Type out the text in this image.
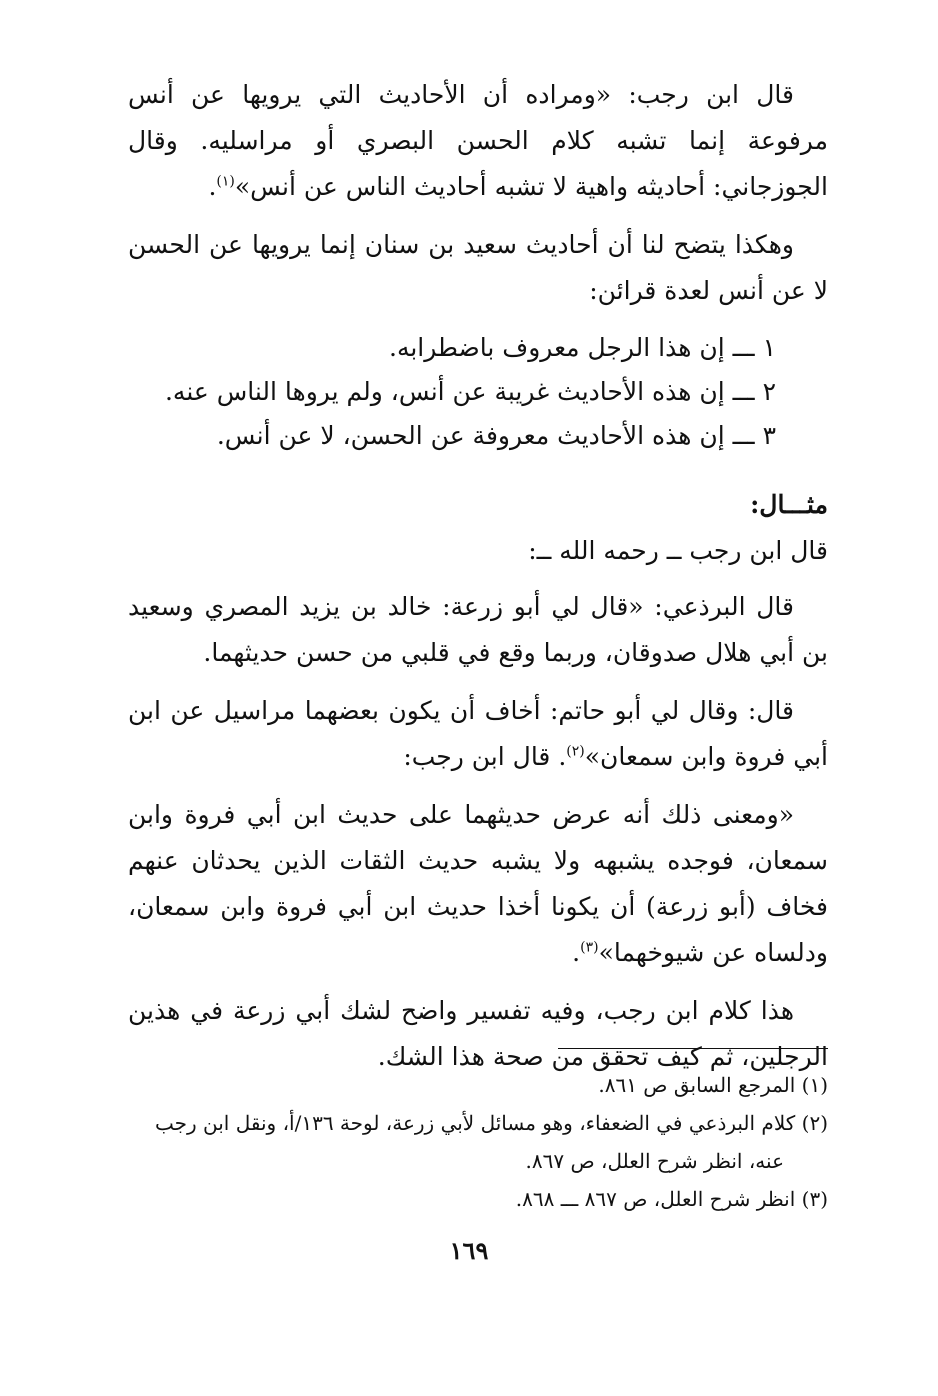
قال ابن رجب: «ومراده أن الأحاديث التي يرويها عن أنس مرفوعة إنما تشبه كلام الحسن البصري أو مراسليه. وقال الجوزجاني: أحاديثه واهية لا تشبه أحاديث الناس عن أنس»$^{(١)}$.

وهكذا يتضح لنا أن أحاديث سعيد بن سنان إنما يرويها عن الحسن لا عن أنس لعدة قرائن:

١ ـــ إن هذا الرجل معروف باضطرابه.
٢ ـــ إن هذه الأحاديث غريبة عن أنس، ولم يروها الناس عنه.
٣ ـــ إن هذه الأحاديث معروفة عن الحسن، لا عن أنس.

مثـــال:

قال ابن رجب ــ رحمه الله ــ:

قال البرذعي: «قال لي أبو زرعة: خالد بن يزيد المصري وسعيد بن أبي هلال صدوقان، وربما وقع في قلبي من حسن حديثهما.

قال: وقال لي أبو حاتم: أخاف أن يكون بعضهما مراسيل عن ابن أبي فروة وابن سمعان»$^{(٢)}$. قال ابن رجب:

«ومعنى ذلك أنه عرض حديثهما على حديث ابن أبي فروة وابن سمعان، فوجده يشبهه ولا يشبه حديث الثقات الذين يحدثان عنهم فخاف (أبو زرعة) أن يكونا أخذا حديث ابن أبي فروة وابن سمعان، ودلساه عن شيوخهما»$^{(٣)}$.

هذا كلام ابن رجب، وفيه تفسير واضح لشك أبي زرعة في هذين الرجلين، ثم كيف تحقق من صحة هذا الشك.

(١) المرجع السابق ص ٨٦١.

(٢) كلام البرذعي في الضعفاء، وهو مسائل لأبي زرعة، لوحة ١٣٦/أ، ونقل ابن رجب عنه، انظر شرح العلل، ص ٨٦٧.

(٣) انظر شرح العلل، ص ٨٦٧ ـــ ٨٦٨.

١٦٩
